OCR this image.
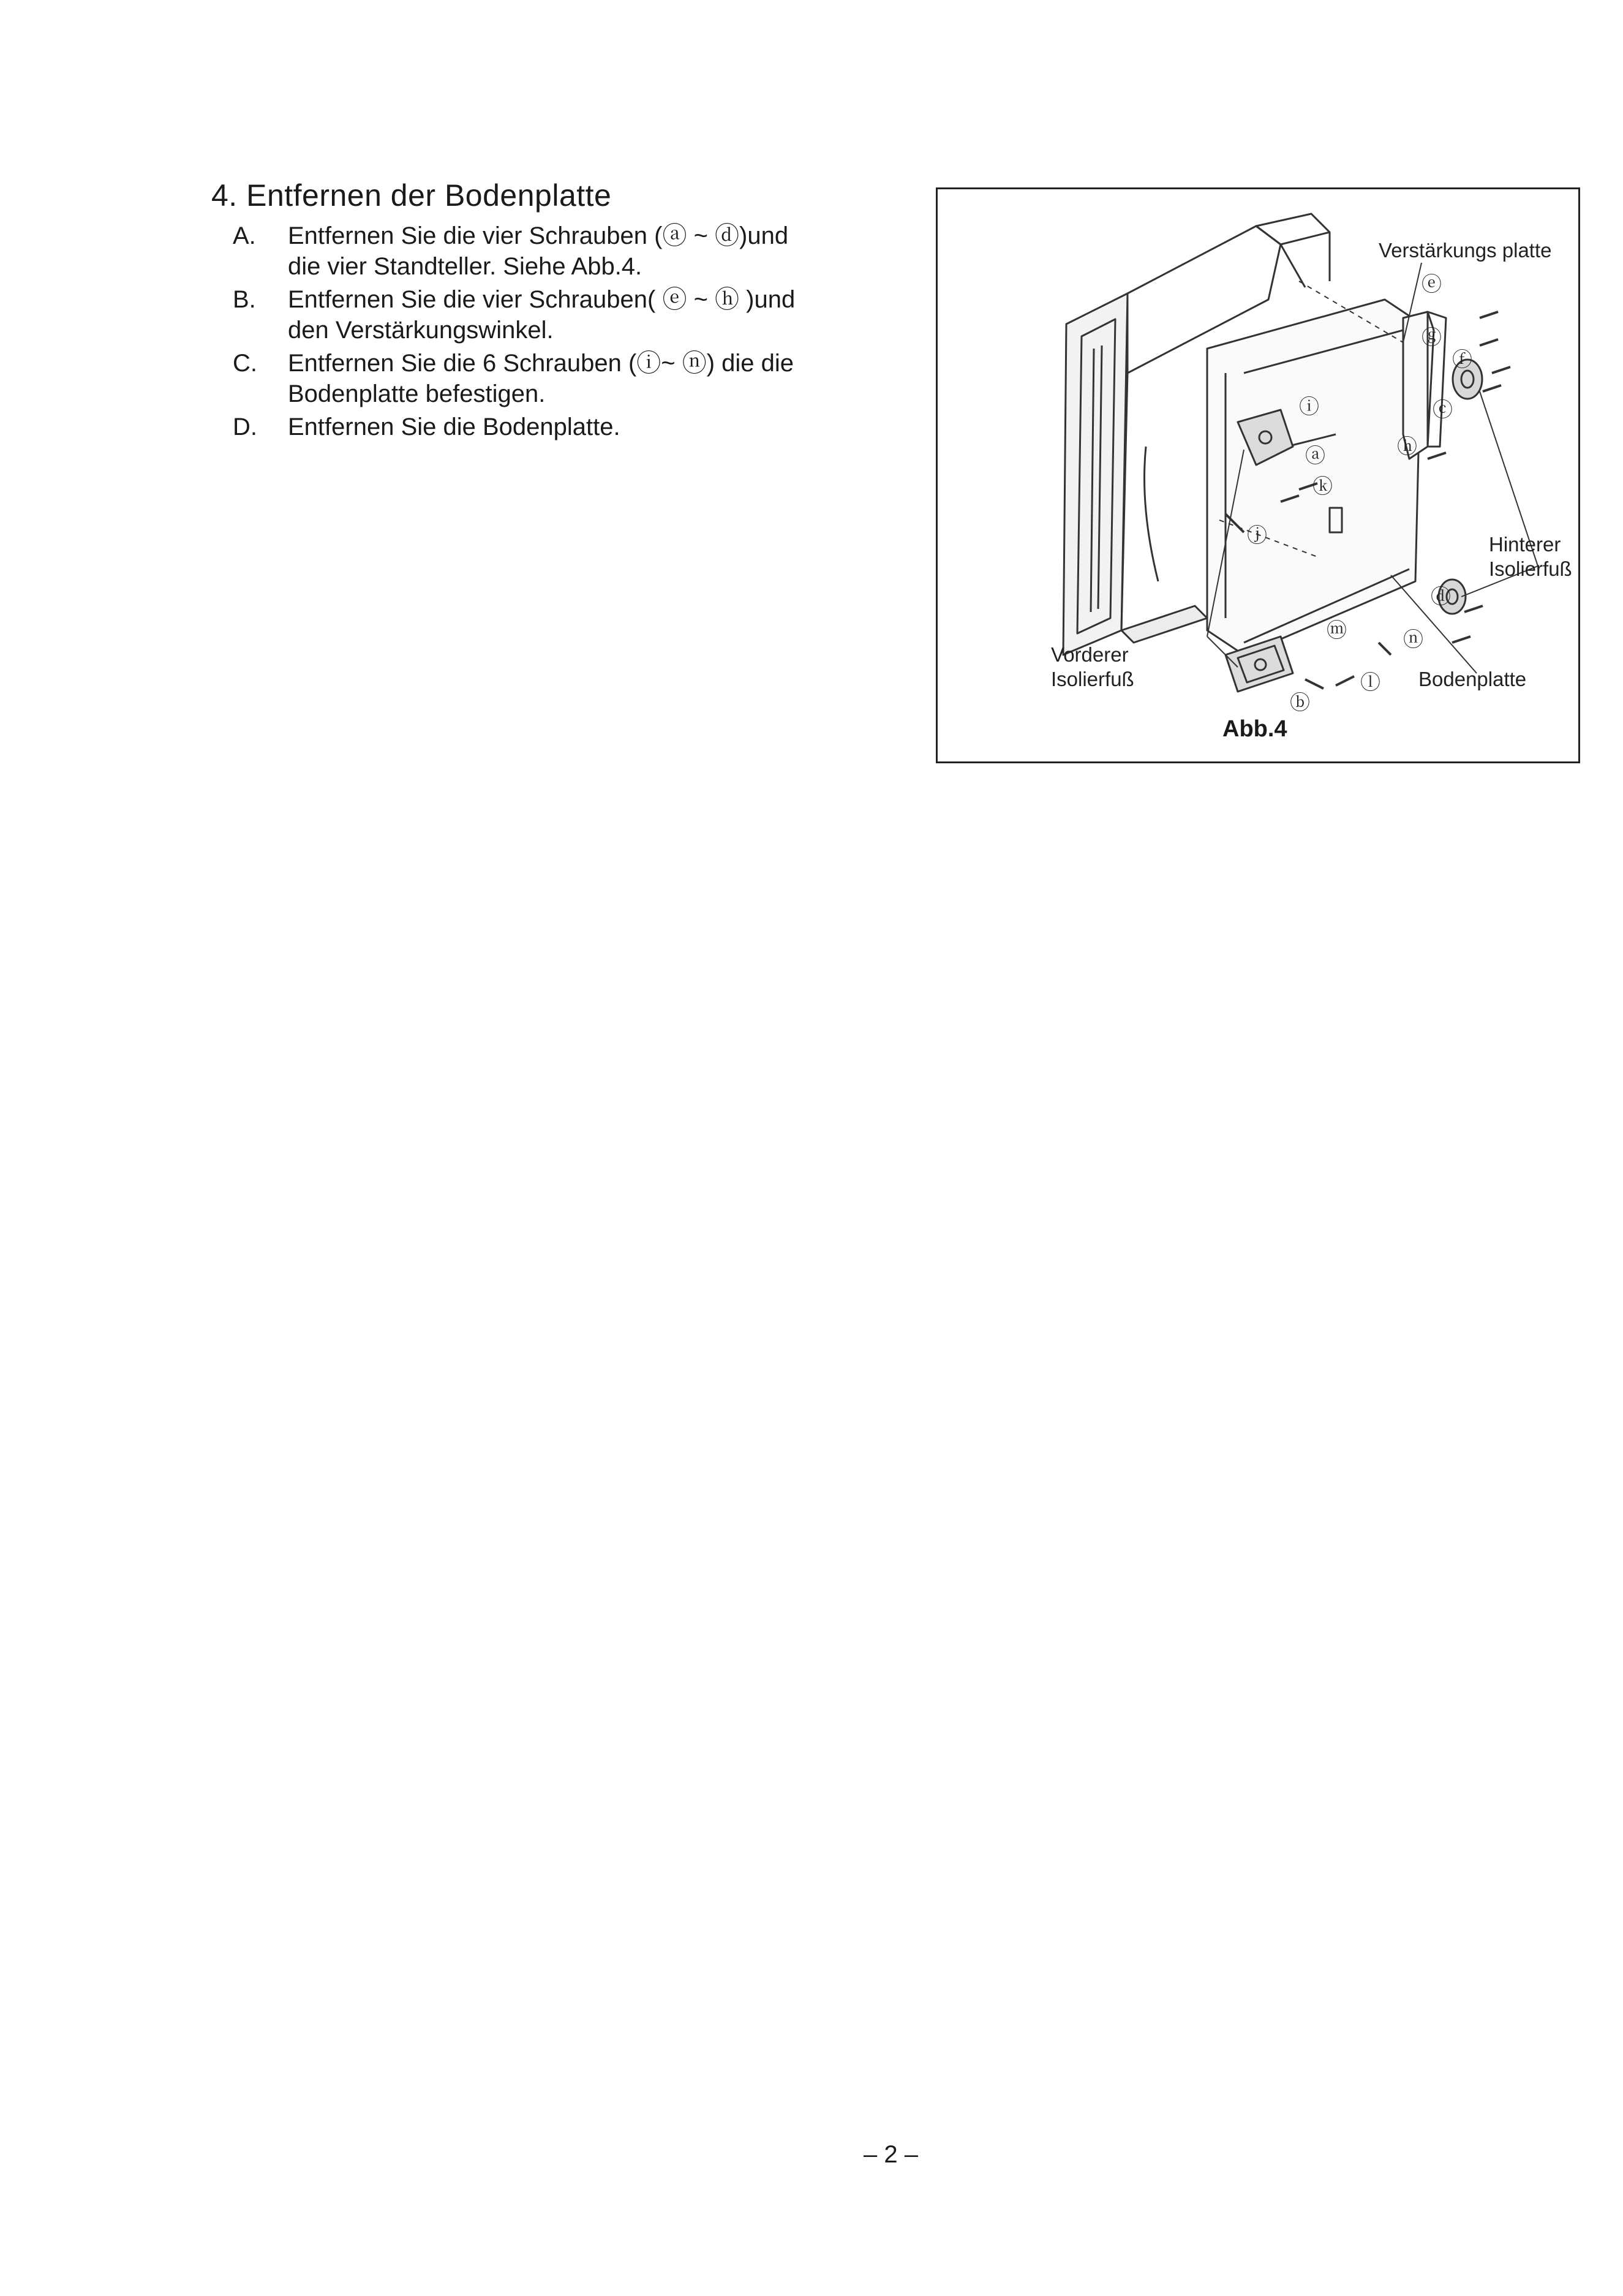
4. Entfernen der Bodenplatte
A. Entfernen Sie die vier Schrauben (ⓐ ~ ⓓ)und
die vier Standteller. Siehe Abb.4.
B. Entfernen Sie die vier Schrauben( ⓔ ~ ⓗ )und
den Verstärkungswinkel.
C. Entfernen Sie die 6 Schrauben (ⓘ~ ⓝ) die die
Bodenplatte befestigen.
D. Entfernen Sie die Bodenplatte.
Verstärkungs platte
Hinterer
Isolierfuß
Vorderer
Isolierfuß	Bodenplatte
ⓔ
ⓖ
ⓕ
ⓒ
ⓗ
ⓓ
ⓝ
ⓘ
ⓐ
ⓚ
ⓙ
ⓜ
ⓛ
ⓑ
Abb.4
– 2 –
